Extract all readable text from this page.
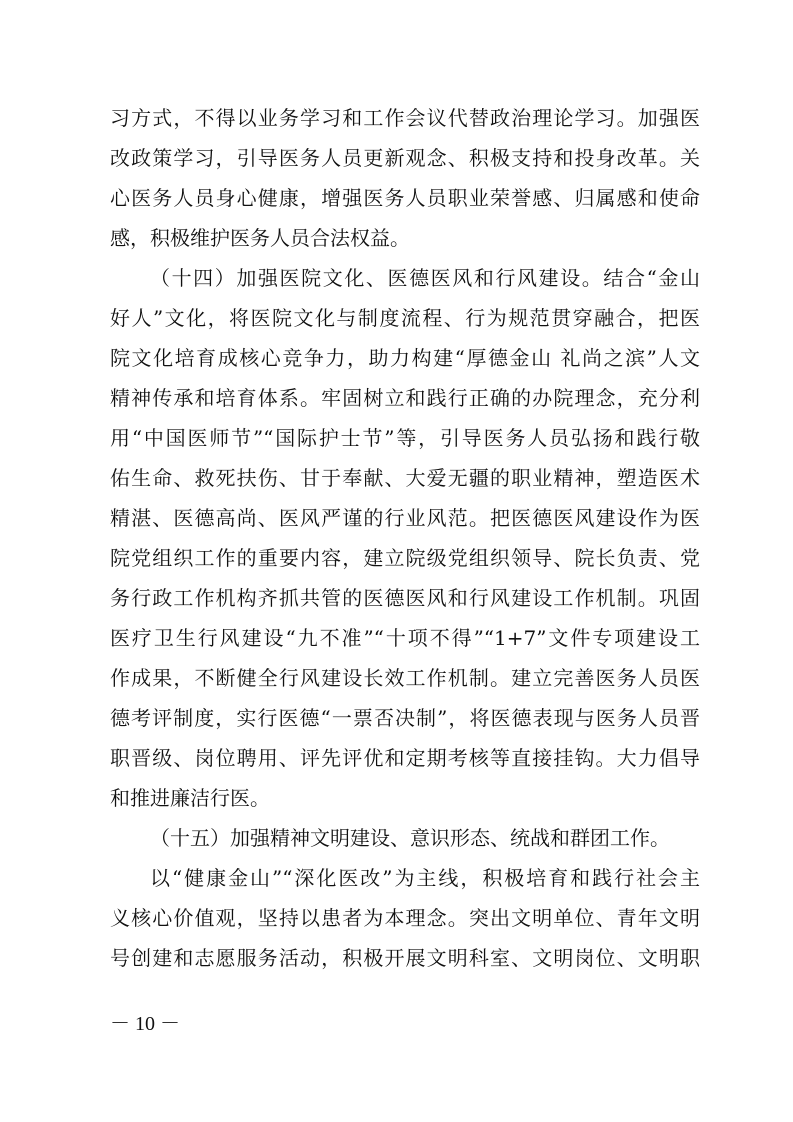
习方式，不得以业务学习和工作会议代替政治理论学习。加强医
改政策学习，引导医务人员更新观念、积极支持和投身改革。关
心医务人员身心健康，增强医务人员职业荣誉感、归属感和使命
感，积极维护医务人员合法权益。
（十四）加强医院文化、医德医风和行风建设。结合“金山
好人”文化，将医院文化与制度流程、行为规范贯穿融合，把医
院文化培育成核心竞争力，助力构建“厚德金山 礼尚之滨”人文
精神传承和培育体系。牢固树立和践行正确的办院理念，充分利
用“中国医师节”“国际护士节”等，引导医务人员弘扬和践行敬
佑生命、救死扶伤、甘于奉献、大爱无疆的职业精神，塑造医术
精湛、医德高尚、医风严谨的行业风范。把医德医风建设作为医
院党组织工作的重要内容，建立院级党组织领导、院长负责、党
务行政工作机构齐抓共管的医德医风和行风建设工作机制。巩固
医疗卫生行风建设“九不准”“十项不得”“1+7”文件专项建设工
作成果，不断健全行风建设长效工作机制。建立完善医务人员医
德考评制度，实行医德“一票否决制”，将医德表现与医务人员晋
职晋级、岗位聘用、评先评优和定期考核等直接挂钩。大力倡导
和推进廉洁行医。
（十五）加强精神文明建设、意识形态、统战和群团工作。
以“健康金山”“深化医改”为主线，积极培育和践行社会主
义核心价值观，坚持以患者为本理念。突出文明单位、青年文明
号创建和志愿服务活动，积极开展文明科室、文明岗位、文明职
－ 10 －
